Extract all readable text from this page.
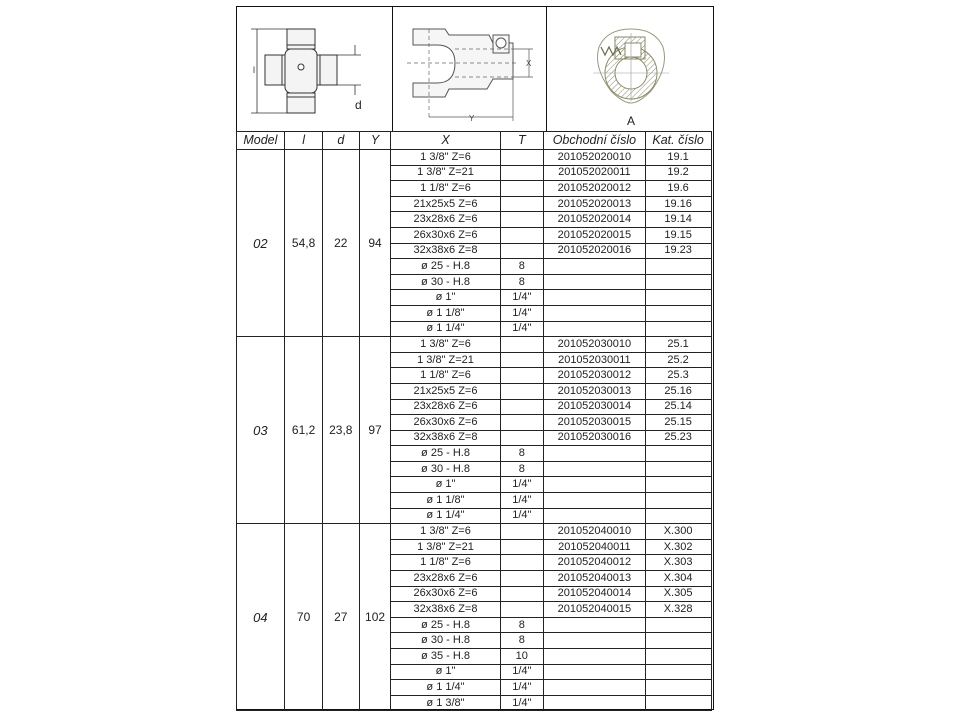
l
d
X
Y	A
Model	l	d	Y	X	T	Obchodní číslo	Kat. číslo
02	54,8	22	94	1 3/8" Z=6		201052020010	19.1
				1 3/8" Z=21		201052020011	19.2
				1 1/8" Z=6		201052020012	19.6
				21x25x5 Z=6		201052020013	19.16
				23x28x6 Z=6		201052020014	19.14
				26x30x6 Z=6		201052020015	19.15
				32x38x6 Z=8		201052020016	19.23
				ø 25 - H.8	8		
				ø 30 - H.8	8		
				ø 1"	1/4"		
				ø 1 1/8"	1/4"		
				ø 1 1/4"	1/4"		
03	61,2	23,8	97	1 3/8" Z=6		201052030010	25.1
				1 3/8" Z=21		201052030011	25.2
				1 1/8" Z=6		201052030012	25.3
				21x25x5 Z=6		201052030013	25.16
				23x28x6 Z=6		201052030014	25.14
				26x30x6 Z=6		201052030015	25.15
				32x38x6 Z=8		201052030016	25.23
				ø 25 - H.8	8		
				ø 30 - H.8	8		
				ø 1"	1/4"		
				ø 1 1/8"	1/4"		
				ø 1 1/4"	1/4"		
04	70	27	102	1 3/8" Z=6		201052040010	X.300
				1 3/8" Z=21		201052040011	X.302
				1 1/8" Z=6		201052040012	X.303
				23x28x6 Z=6		201052040013	X.304
				26x30x6 Z=6		201052040014	X.305
				32x38x6 Z=8		201052040015	X.328
				ø 25 - H.8	8		
				ø 30 - H.8	8		
				ø 35 - H.8	10		
				ø 1"	1/4"		
				ø 1 1/4"	1/4"		
				ø 1 3/8"	1/4"		
